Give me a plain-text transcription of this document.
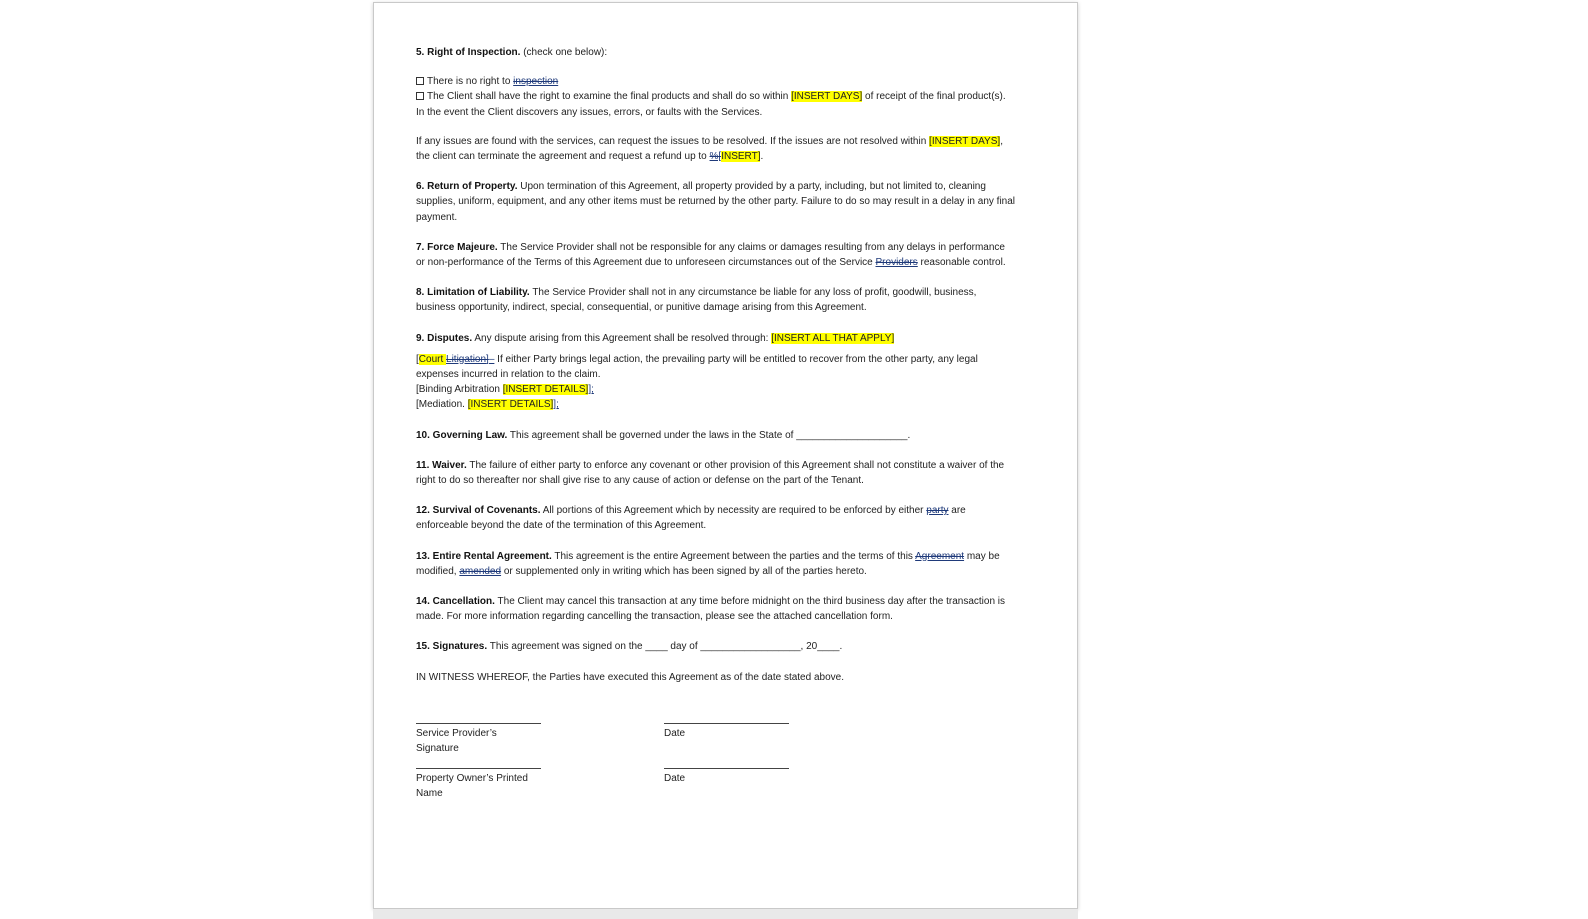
5. Right of Inspection. (check one below):

There is no right to inspection

The Client shall have the right to examine the final products and shall do so within [INSERT DAYS] of receipt of the final product(s). In the event the Client discovers any issues, errors, or faults with the Services.

If any issues are found with the services, can request the issues to be resolved. If the issues are not resolved within [INSERT DAYS], the client can terminate the agreement and request a refund up to %[INSERT].

6. Return of Property. Upon termination of this Agreement, all property provided by a party, including, but not limited to, cleaning supplies, uniform, equipment, and any other items must be returned by the other party. Failure to do so may result in a delay in any final payment.

7. Force Majeure. The Service Provider shall not be responsible for any claims or damages resulting from any delays in performance or non-performance of the Terms of this Agreement due to unforeseen circumstances out of the Service Providers reasonable control.

8. Limitation of Liability. The Service Provider shall not in any circumstance be liable for any loss of profit, goodwill, business, business opportunity, indirect, special, consequential, or punitive damage arising from this Agreement.

9. Disputes. Any dispute arising from this Agreement shall be resolved through: [INSERT ALL THAT APPLY]

[Court Litigation]– If either Party brings legal action, the prevailing party will be entitled to recover from the other party, any legal expenses incurred in relation to the claim.

[Binding Arbitration [INSERT DETAILS]];

[Mediation. [INSERT DETAILS]];

10. Governing Law. This agreement shall be governed under the laws in the State of ____________________.

11. Waiver. The failure of either party to enforce any covenant or other provision of this Agreement shall not constitute a waiver of the right to do so thereafter nor shall give rise to any cause of action or defense on the part of the Tenant.

12. Survival of Covenants. All portions of this Agreement which by necessity are required to be enforced by either party are enforceable beyond the date of the termination of this Agreement.

13. Entire Rental Agreement. This agreement is the entire Agreement between the parties and the terms of this Agreement may be modified, amended or supplemented only in writing which has been signed by all of the parties hereto.

14. Cancellation. The Client may cancel this transaction at any time before midnight on the third business day after the transaction is made. For more information regarding cancelling the transaction, please see the attached cancellation form.

15. Signatures. This agreement was signed on the ____ day of __________________, 20____.

IN WITNESS WHEREOF, the Parties have executed this Agreement as of the date stated above.

Service Provider’s Signature
Date
Property Owner’s Printed Name
Date
